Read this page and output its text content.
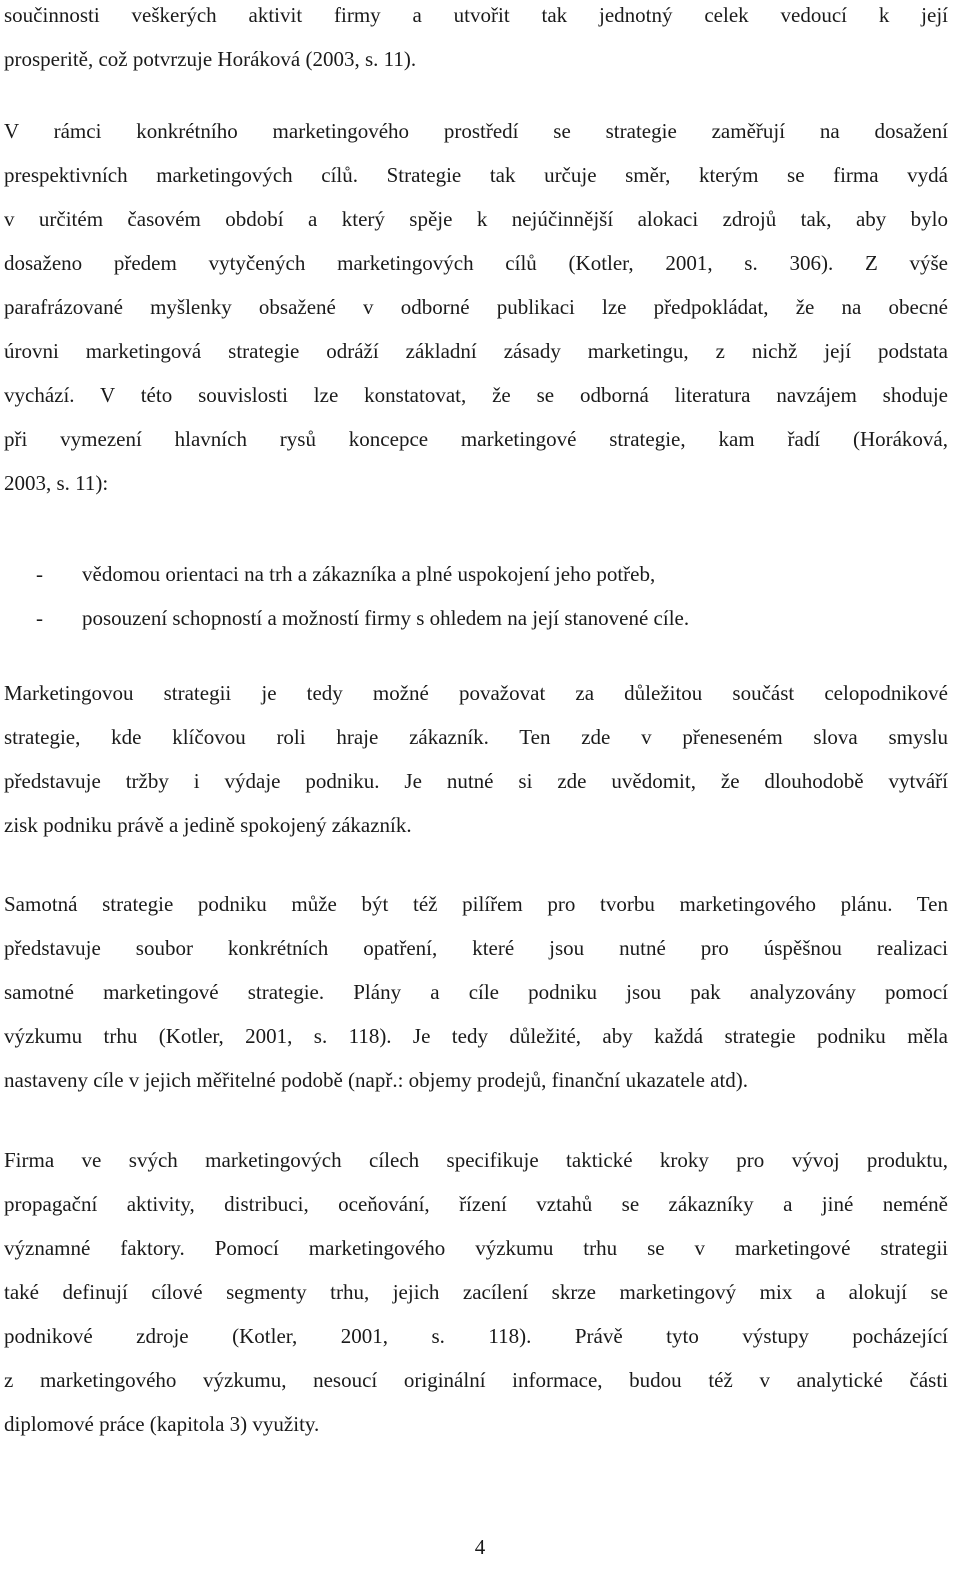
součinnosti veškerých aktivit firmy a utvořit tak jednotný celek vedoucí k její
prosperitě, což potvrzuje Horáková (2003, s. 11).
V rámci konkrétního marketingového prostředí se strategie zaměřují na dosažení
prespektivních marketingových cílů. Strategie tak určuje směr, kterým se firma vydá
v určitém časovém období a který spěje k nejúčinnější alokaci zdrojů tak, aby bylo
dosaženo předem vytyčených marketingových cílů (Kotler, 2001, s. 306). Z výše
parafrázované myšlenky obsažené v odborné publikaci lze předpokládat, že na obecné
úrovni marketingová strategie odráží základní zásady marketingu, z nichž její podstata
vychází. V této souvislosti lze konstatovat, že se odborná literatura navzájem shoduje
při vymezení hlavních rysů koncepce marketingové strategie, kam řadí (Horáková,
2003, s. 11):
-	vědomou orientaci na trh a zákazníka a plné uspokojení jeho potřeb,
-	posouzení schopností a možností firmy s ohledem na její stanovené cíle.
Marketingovou strategii je tedy možné považovat za důležitou součást celopodnikové
strategie, kde klíčovou roli hraje zákazník. Ten zde v přeneseném slova smyslu
představuje tržby i výdaje podniku. Je nutné si zde uvědomit, že dlouhodobě vytváří
zisk podniku právě a jedině spokojený zákazník.
Samotná strategie podniku může být též pilířem pro tvorbu marketingového plánu. Ten
představuje soubor konkrétních opatření, které jsou nutné pro úspěšnou realizaci
samotné marketingové strategie. Plány a cíle podniku jsou pak analyzovány pomocí
výzkumu trhu (Kotler, 2001, s. 118). Je tedy důležité, aby každá strategie podniku měla
nastaveny cíle v jejich měřitelné podobě (např.: objemy prodejů, finanční ukazatele atd).
Firma ve svých marketingových cílech specifikuje taktické kroky pro vývoj produktu,
propagační aktivity, distribuci, oceňování, řízení vztahů se zákazníky a jiné neméně
významné faktory. Pomocí marketingového výzkumu trhu se v marketingové strategii
také definují cílové segmenty trhu, jejich zacílení skrze marketingový mix a alokují se
podnikové zdroje (Kotler, 2001, s. 118). Právě tyto výstupy pocházející
z marketingového výzkumu, nesoucí originální informace, budou též v analytické části
diplomové práce (kapitola 3) využity.
4
